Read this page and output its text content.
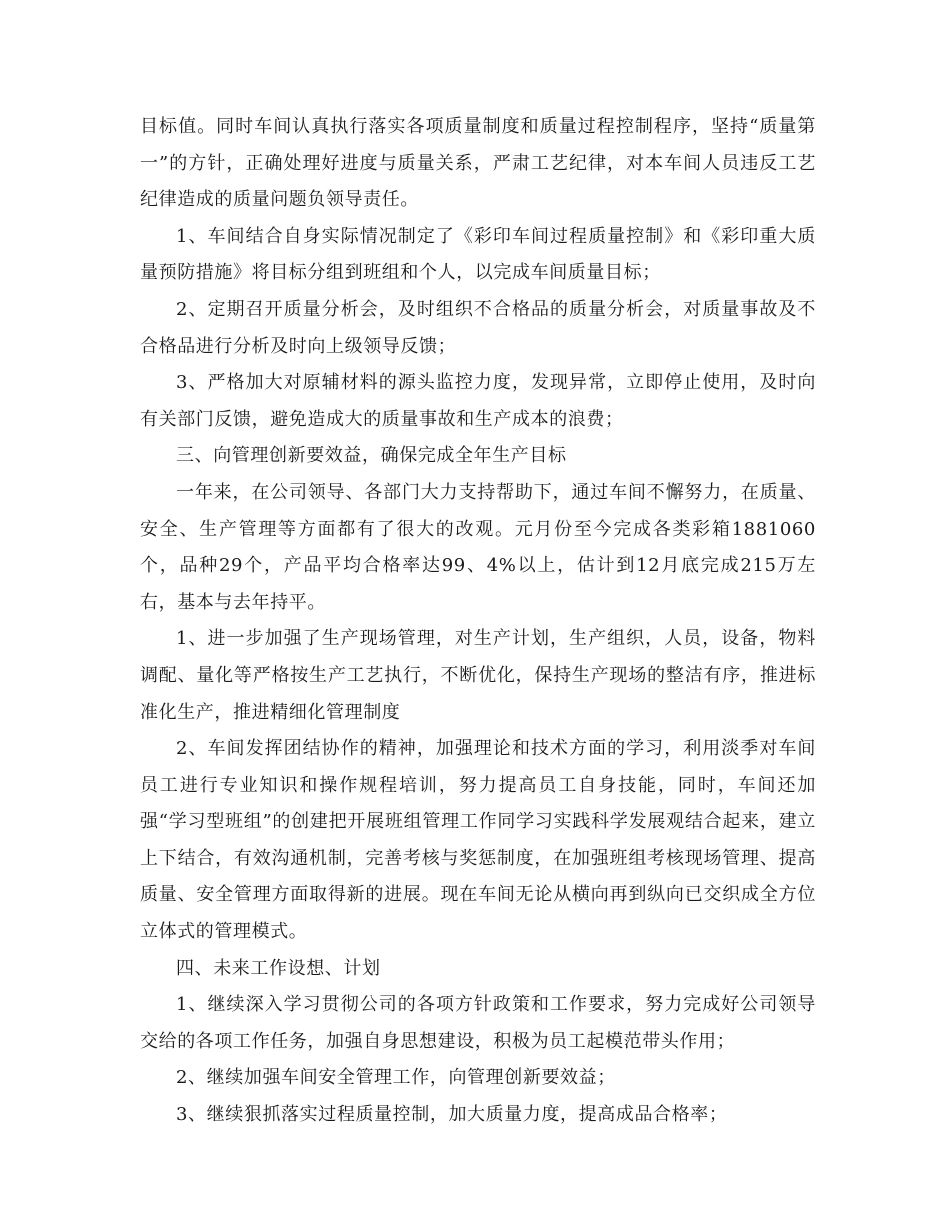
目标值。同时车间认真执行落实各项质量制度和质量过程控制程序，坚持“质量第一”的方针，正确处理好进度与质量关系，严肃工艺纪律，对本车间人员违反工艺纪律造成的质量问题负领导责任。

1、车间结合自身实际情况制定了《彩印车间过程质量控制》和《彩印重大质量预防措施》将目标分组到班组和个人，以完成车间质量目标；

2、定期召开质量分析会，及时组织不合格品的质量分析会，对质量事故及不合格品进行分析及时向上级领导反馈；

3、严格加大对原辅材料的源头监控力度，发现异常，立即停止使用，及时向有关部门反馈，避免造成大的质量事故和生产成本的浪费；

三、向管理创新要效益，确保完成全年生产目标

一年来，在公司领导、各部门大力支持帮助下，通过车间不懈努力，在质量、安全、生产管理等方面都有了很大的改观。元月份至今完成各类彩箱1881060个，品种29个，产品平均合格率达99、4%以上，估计到12月底完成215万左右，基本与去年持平。

1、进一步加强了生产现场管理，对生产计划，生产组织，人员，设备，物料调配、量化等严格按生产工艺执行，不断优化，保持生产现场的整洁有序，推进标准化生产，推进精细化管理制度

2、车间发挥团结协作的精神，加强理论和技术方面的学习，利用淡季对车间员工进行专业知识和操作规程培训，努力提高员工自身技能，同时，车间还加强“学习型班组”的创建把开展班组管理工作同学习实践科学发展观结合起来，建立上下结合，有效沟通机制，完善考核与奖惩制度，在加强班组考核现场管理、提高质量、安全管理方面取得新的进展。现在车间无论从横向再到纵向已交织成全方位立体式的管理模式。

四、未来工作设想、计划

1、继续深入学习贯彻公司的各项方针政策和工作要求，努力完成好公司领导交给的各项工作任务，加强自身思想建设，积极为员工起模范带头作用；

2、继续加强车间安全管理工作，向管理创新要效益；

3、继续狠抓落实过程质量控制，加大质量力度，提高成品合格率；
